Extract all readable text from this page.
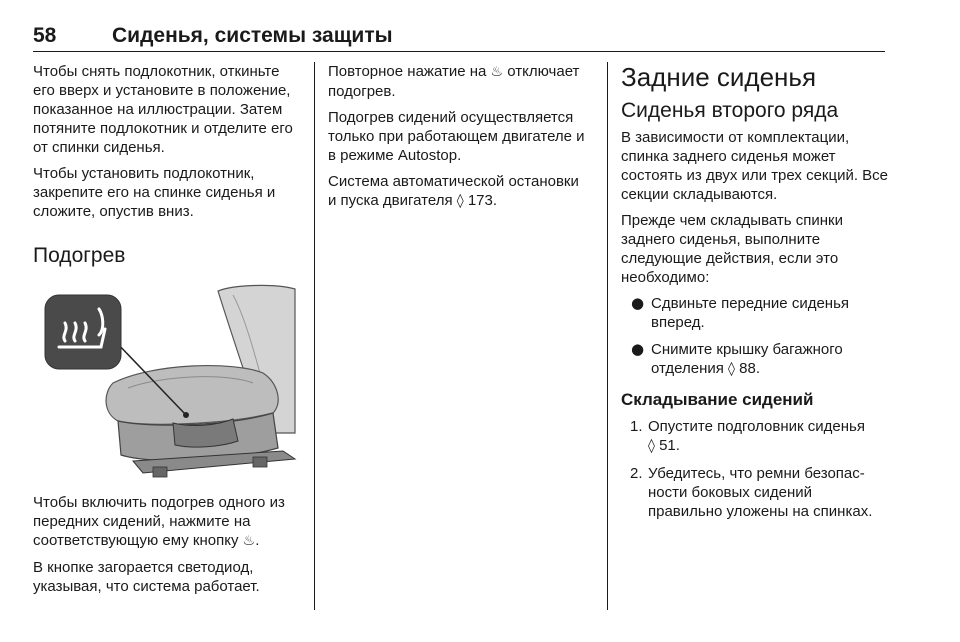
58	Сиденья, системы защиты

Чтобы снять подлокотник, откиньте его вверх и установите в положение, показанное на иллюстрации. Затем потяните подлокотник и отделите его от спинки сиденья.

Чтобы установить подлокотник, закрепите его на спинке сиденья и сложите, опустив вниз.

Подогрев

Чтобы включить подогрев одного из передних сидений, нажмите на соответствующую ему кнопку ♨.

В кнопке загорается светодиод, указывая, что система работает.

Повторное нажатие на ♨ отключает подогрев.

Подогрев сидений осуществляется только при работающем двигателе и в режиме Autostop.

Система автоматической остановки и пуска двигателя ◊ 173.

Задние сиденья
Сиденья второго ряда

В зависимости от комплектации, спинка заднего сиденья может состоять из двух или трех секций. Все секции складываются.

Прежде чем складывать спинки заднего сиденья, выполните следующие действия, если это необходимо:

● Сдвиньте передние сиденья вперед.
● Снимите крышку багажного отделения ◊ 88.
Складывание сидений
1. Опустите подголовник сиденья
◊ 51.
2. Убедитесь, что ремни безопасности боковых сидений правильно уложены на спинках.
